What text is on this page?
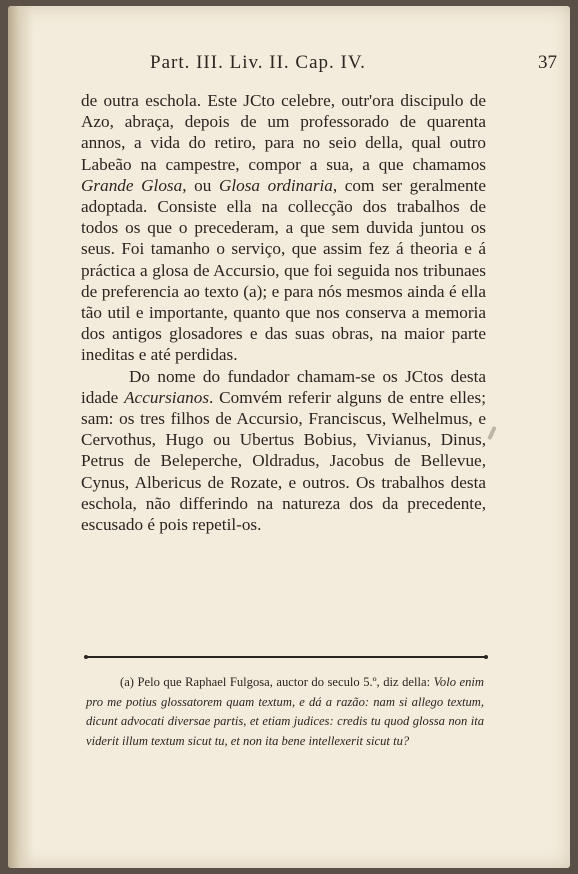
Part. III. Liv. II. Cap. IV.	37

de outra eschola. Este JCto celebre, outr'ora discipulo de Azo, abraça, depois de um professorado de quarenta annos, a vida do retiro, para no seio della, qual outro Labeão na campestre, compor a sua, a que chamamos Grande Glosa, ou Glosa ordinaria, com ser geralmente adoptada. Consiste ella na collecção dos trabalhos de todos os que o precederam, a que sem duvida juntou os seus. Foi tamanho o serviço, que assim fez á theoria e á práctica a glosa de Accursio, que foi seguida nos tribunaes de preferencia ao texto (a); e para nós mesmos ainda é ella tão util e importante, quanto que nos conserva a memoria dos antigos glosadores e das suas obras, na maior parte ineditas e até perdidas.

Do nome do fundador chamam-se os JCtos desta idade Accursianos. Comvém referir alguns de entre elles; sam: os tres filhos de Accursio, Franciscus, Welhelmus, e Cervothus, Hugo ou Ubertus Bobius, Vivianus, Dinus, Petrus de Beleperche, Oldradus, Jacobus de Bellevue, Cynus, Albericus de Rozate, e outros. Os trabalhos desta eschola, não differindo na natureza dos da precedente, escusado é pois repetil-os.

(a) Pelo que Raphael Fulgosa, auctor do seculo 5.º, diz della: Volo enim pro me potius glossatorem quam textum, e dá a razão: nam si allego textum, dicunt advocati diversae partis, et etiam judices: credis tu quod glossa non ita viderit illum textum sicut tu, et non ita bene intellexerit sicut tu?
